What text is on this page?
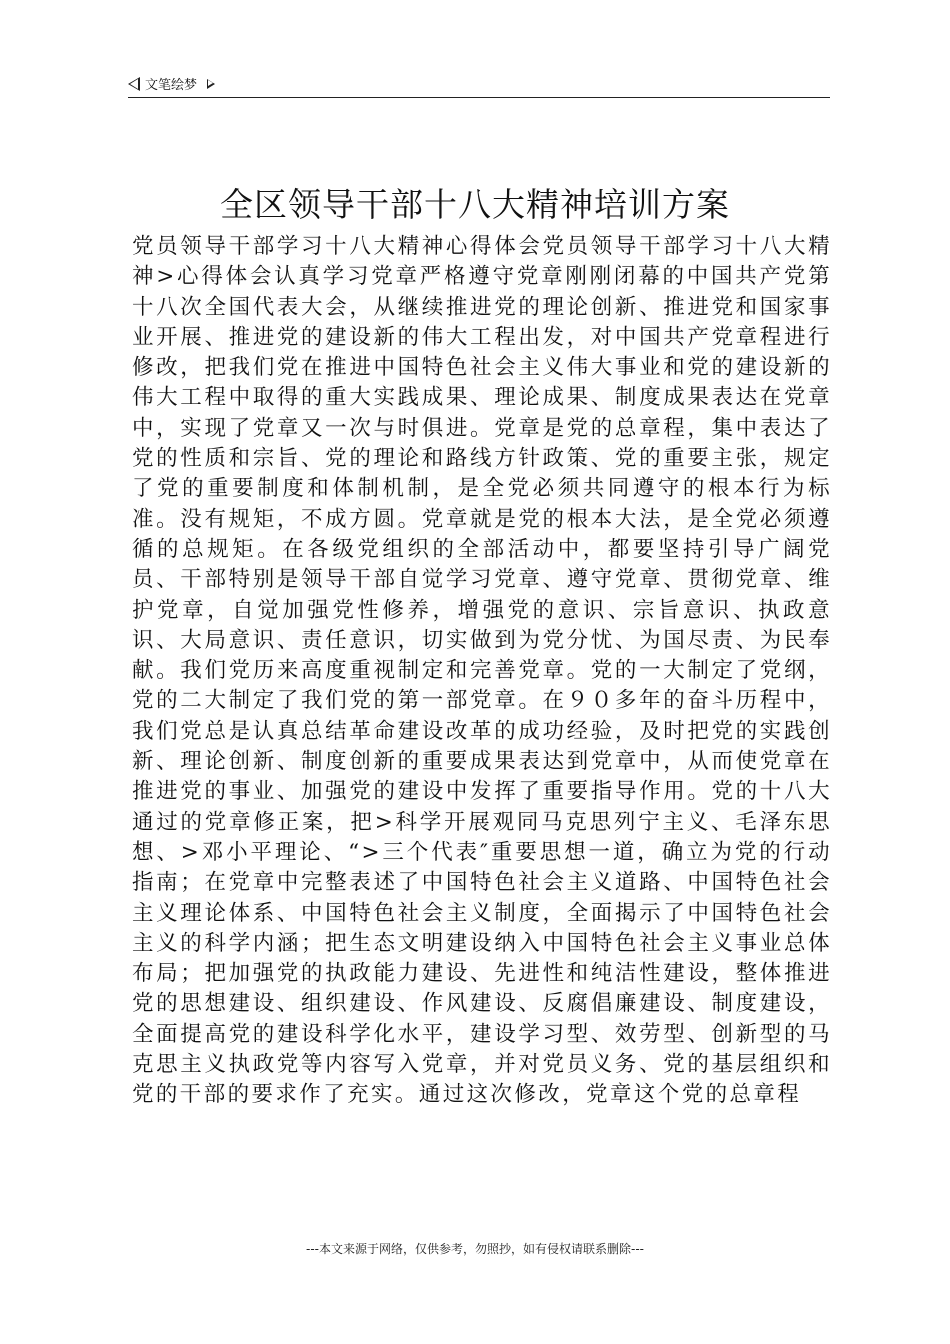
文笔绘梦
全区领导干部十八大精神培训方案
党员领导干部学习十八大精神心得体会党员领导干部学习十八大精神>心得体会认真学习党章严格遵守党章刚刚闭幕的中国共产党第十八次全国代表大会，从继续推进党的理论创新、推进党和国家事业开展、推进党的建设新的伟大工程出发，对中国共产党章程进行修改，把我们党在推进中国特色社会主义伟大事业和党的建设新的伟大工程中取得的重大实践成果、理论成果、制度成果表达在党章中，实现了党章又一次与时俱进。党章是党的总章程，集中表达了党的性质和宗旨、党的理论和路线方针政策、党的重要主张，规定了党的重要制度和体制机制，是全党必须共同遵守的根本行为标准。没有规矩，不成方圆。党章就是党的根本大法，是全党必须遵循的总规矩。在各级党组织的全部活动中，都要坚持引导广阔党员、干部特别是领导干部自觉学习党章、遵守党章、贯彻党章、维护党章，自觉加强党性修养，增强党的意识、宗旨意识、执政意识、大局意识、责任意识，切实做到为党分忧、为国尽责、为民奉献。我们党历来高度重视制定和完善党章。党的一大制定了党纲，党的二大制定了我们党的第一部党章。在９０多年的奋斗历程中，我们党总是认真总结革命建设改革的成功经验，及时把党的实践创新、理论创新、制度创新的重要成果表达到党章中，从而使党章在推进党的事业、加强党的建设中发挥了重要指导作用。党的十八大通过的党章修正案，把>科学开展观同马克思列宁主义、毛泽东思想、>邓小平理论、“>三个代表″重要思想一道，确立为党的行动指南；在党章中完整表述了中国特色社会主义道路、中国特色社会主义理论体系、中国特色社会主义制度，全面揭示了中国特色社会主义的科学内涵；把生态文明建设纳入中国特色社会主义事业总体布局；把加强党的执政能力建设、先进性和纯洁性建设，整体推进党的思想建设、组织建设、作风建设、反腐倡廉建设、制度建设，全面提高党的建设科学化水平，建设学习型、效劳型、创新型的马克思主义执政党等内容写入党章，并对党员义务、党的基层组织和党的干部的要求作了充实。通过这次修改，党章这个党的总章程
---本文来源于网络，仅供参考，勿照抄，如有侵权请联系删除---
